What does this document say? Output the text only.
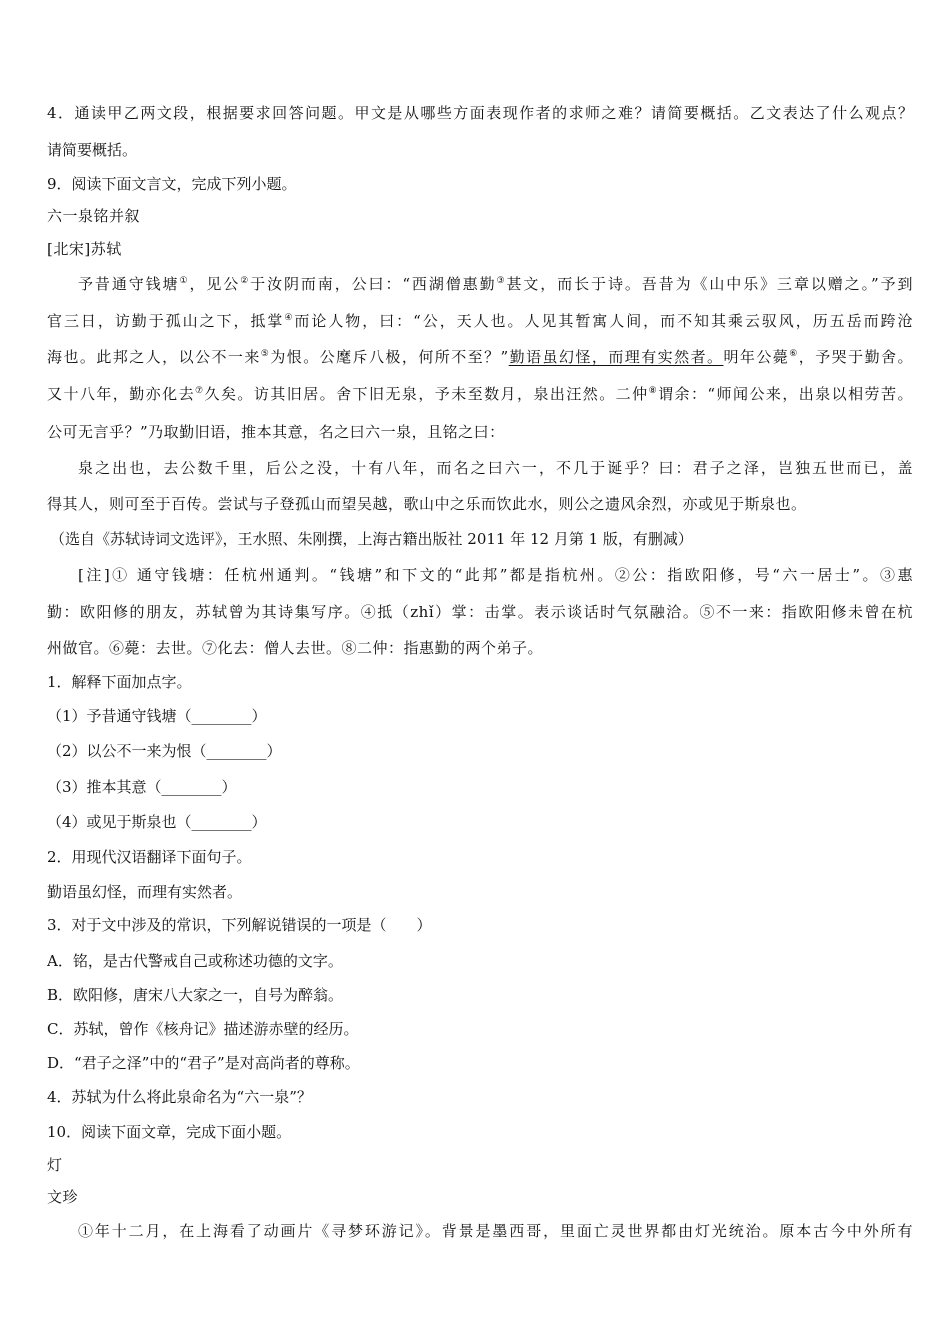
4．通读甲乙两文段，根据要求回答问题。甲文是从哪些方面表现作者的求师之难？请简要概括。乙文表达了什么观点？
请简要概括。
9．阅读下面文言文，完成下列小题。
六一泉铭并叙
[北宋]苏轼
予昔通守钱塘①，见公②于汝阴而南，公曰：“西湖僧惠勤③甚文，而长于诗。吾昔为《山中乐》三章以赠之。”予到
官三日，访勤于孤山之下，抵掌④而论人物，曰：“公，天人也。人见其暂寓人间，而不知其乘云驭风，历五岳而跨沧
海也。此邦之人，以公不一来⑤为恨。公麾斥八极，何所不至？”勤语虽幻怪，而理有实然者。明年公薨⑥，予哭于勤舍。
又十八年，勤亦化去⑦久矣。访其旧居。舍下旧无泉，予未至数月，泉出汪然。二仲⑧谓余：“师闻公来，出泉以相劳苦。
公可无言乎？”乃取勤旧语，推本其意，名之曰六一泉，且铭之曰：
泉之出也，去公数千里，后公之没，十有八年，而名之曰六一，不几于诞乎？曰：君子之泽，岂独五世而已，盖
得其人，则可至于百传。尝试与子登孤山而望吴越，歌山中之乐而饮此水，则公之遗风余烈，亦或见于斯泉也。
（选自《苏轼诗词文选评》，王水照、朱刚撰，上海古籍出版社 2011 年 12 月第 1 版，有删减）
[注]① 通守钱塘：任杭州通判。“钱塘”和下文的“此邦”都是指杭州。②公：指欧阳修，号“六一居士”。③惠
勤：欧阳修的朋友，苏轼曾为其诗集写序。④抵（zhǐ）掌：击掌。表示谈话时气氛融洽。⑤不一来：指欧阳修未曾在杭
州做官。⑥薨：去世。⑦化去：僧人去世。⑧二仲：指惠勤的两个弟子。
1．解释下面加点字。
（1）予昔通守钱塘（________）
（2）以公不一来为恨（________）
（3）推本其意（________）
（4）或见于斯泉也（________）
2．用现代汉语翻译下面句子。
勤语虽幻怪，而理有实然者。
3．对于文中涉及的常识，下列解说错误的一项是（　　）
A．铭，是古代警戒自己或称述功德的文字。
B．欧阳修，唐宋八大家之一，自号为醉翁。
C．苏轼，曾作《核舟记》描述游赤壁的经历。
D．“君子之泽”中的“君子”是对高尚者的尊称。
4．苏轼为什么将此泉命名为“六一泉”？
10．阅读下面文章，完成下面小题。
灯
文珍
①年十二月，在上海看了动画片《寻梦环游记》。背景是墨西哥，里面亡灵世界都由灯光统治。原本古今中外所有
